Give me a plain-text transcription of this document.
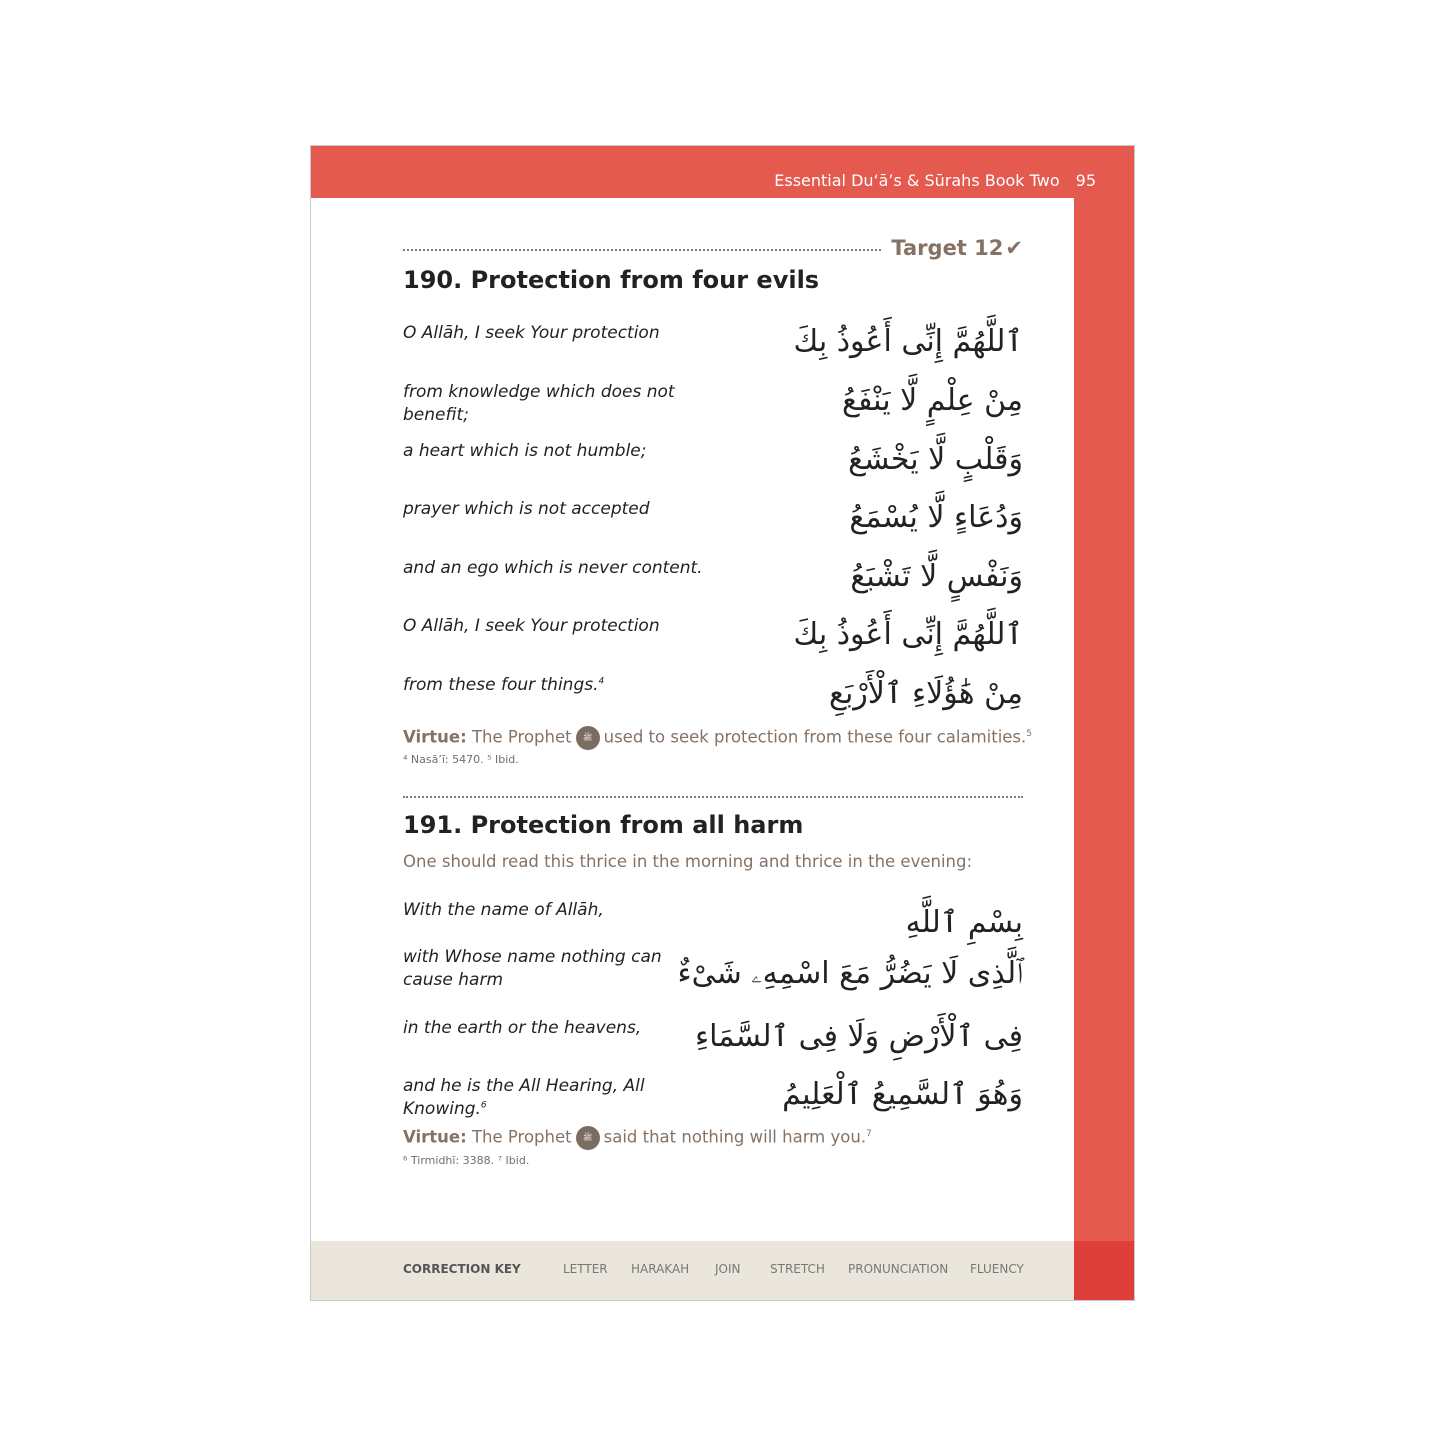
Essential Du‘ā’s & Sūrahs Book Two 95
Target 12✔
190. Protection from four evils
O Allāh, I seek Your protection	ٱللَّهُمَّ إِنِّى أَعُوذُ بِكَ
from knowledge which does not benefit;	مِنْ عِلْمٍ لَّا يَنْفَعُ
a heart which is not humble;	وَقَلْبٍ لَّا يَخْشَعُ
prayer which is not accepted	وَدُعَاءٍ لَّا يُسْمَعُ
and an ego which is never content.	وَنَفْسٍ لَّا تَشْبَعُ
O Allāh, I seek Your protection	ٱللَّهُمَّ إِنِّى أَعُوذُ بِكَ
from these four things.$^4$	مِنْ هَٰؤُلَاءِ ٱلْأَرْبَعِ
Virtue: The Prophet ﷺ used to seek protection from these four calamities.$^5$
⁴ Nasā’ī: 5470. ⁵ Ibid.
191. Protection from all harm
One should read this thrice in the morning and thrice in the evening:
With the name of Allāh,	بِسْمِ ٱللَّهِ
with Whose name nothing can cause harm	ٱلَّذِى لَا يَضُرُّ مَعَ اسْمِهِۦ شَىْءٌ
in the earth or the heavens, فِى ٱلْأَرْضِ وَلَا فِى ٱلسَّمَاءِ
and he is the All Hearing, All Knowing.$^6$	وَهُوَ ٱلسَّمِيعُ ٱلْعَلِيمُ
Virtue: The Prophet ﷺ said that nothing will harm you.$^7$
⁶ Tirmidhī: 3388. ⁷ Ibid.
CORRECTION KEY	LETTER HARAKAH JOIN STRETCH PRONUNCIATION FLUENCY
